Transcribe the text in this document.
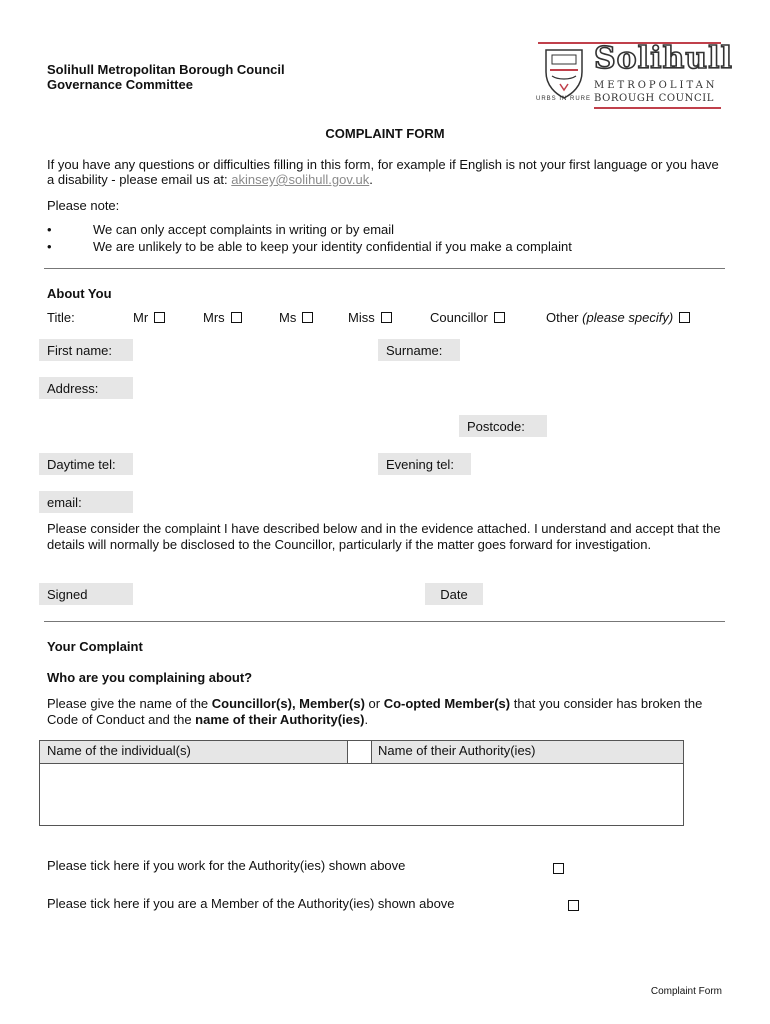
Solihull Metropolitan Borough Council
Governance Committee
URBS IN RURE
Solihull
METROPOLITAN
BOROUGH COUNCIL
COMPLAINT FORM
If you have any questions or difficulties filling in this form, for example if English is not your first language or you have a disability - please email us at: akinsey@solihull.gov.uk.
Please note:
• We can only accept complaints in writing or by email
• We are unlikely to be able to keep your identity confidential if you make a complaint
About You
Title:	Mr	Mrs	Ms	Miss	Councillor	Other (please specify)
First name:	Surname:
Address:
Postcode:
Daytime tel:	Evening tel:
email:
Please consider the complaint I have described below and in the evidence attached. I understand and accept that the details will normally be disclosed to the Councillor, particularly if the matter goes forward for investigation.
Signed	Date
Your Complaint
Who are you complaining about?
Please give the name of the Councillor(s), Member(s) or Co-opted Member(s) that you consider has broken the Code of Conduct and the name of their Authority(ies).
Name of the individual(s)	Name of their Authority(ies)
Please tick here if you work for the Authority(ies) shown above

Please tick here if you are a Member of the Authority(ies) shown above
Complaint Form
